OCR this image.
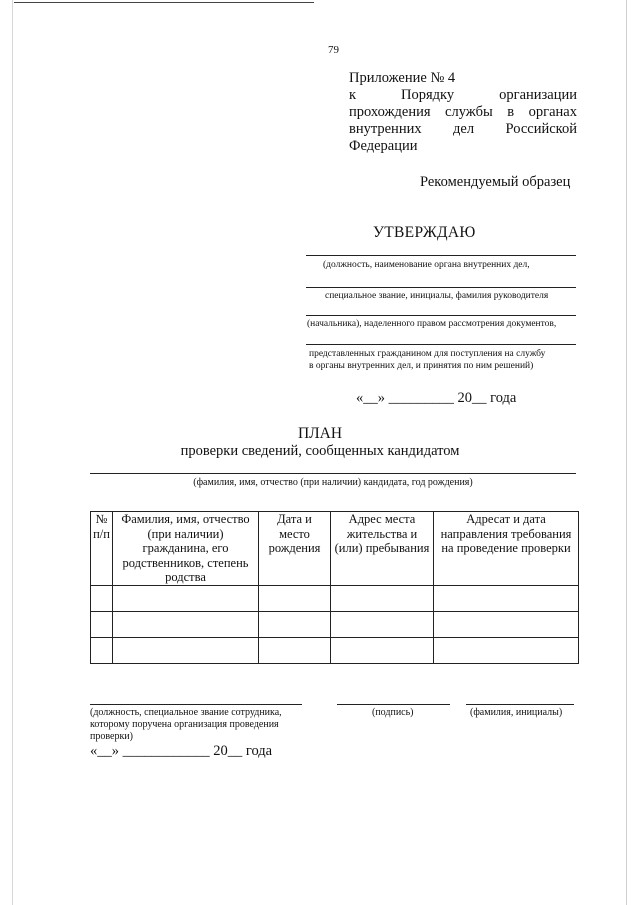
79
Приложение № 4
к	Порядку	организации
прохождения службы в органах
внутренних дел Российской
Федерации
Рекомендуемый образец
УТВЕРЖДАЮ
(должность, наименование органа внутренних дел,
специальное звание, инициалы, фамилия руководителя
(начальника), наделенного правом рассмотрения документов,
представленных гражданином для поступления на службу
в органы внутренних дел, и принятия по ним решений)
«__» _________ 20__ года
ПЛАН
проверки сведений, сообщенных кандидатом
(фамилия, имя, отчество (при наличии) кандидата, год рождения)
№ п/п	Фамилия, имя, отчество (при наличии) гражданина, его родственников, степень родства	Дата и место рождения	Адрес места жительства и (или) пребывания	Адресат и дата направления требования на проведение проверки

(должность, специальное звание сотрудника, которому поручена организация проведения проверки)
(подпись)	(фамилия, инициалы)
«__» ____________ 20__ года
